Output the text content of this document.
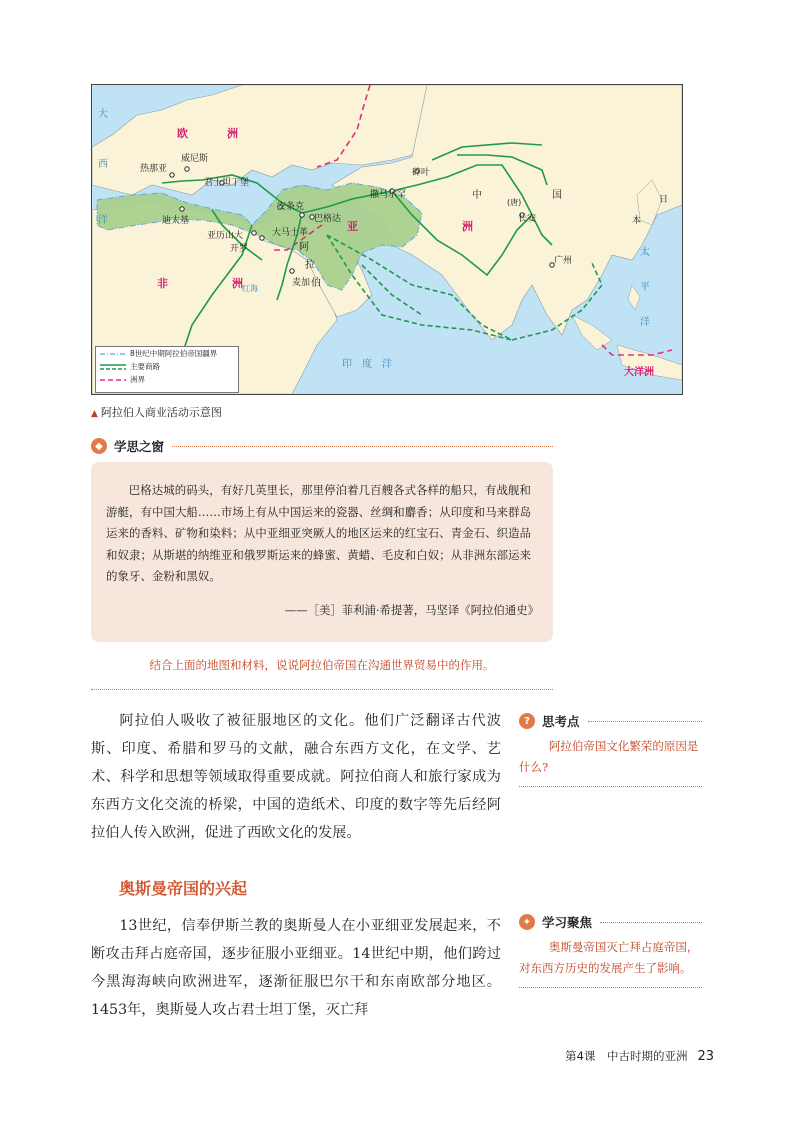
大
西
洋
印　度　洋
太
平
洋
红海
欧	洲
非	洲
亚	洲
中	国
(唐)
阿
拉
伯
日
本
大洋洲
热那亚
威尼斯
君士坦丁堡
迪太基
亚历山大
开罗
安条克
大马士革
巴格达
麦加
撒马尔罕
碎叶
长安
广州
8世纪中期阿拉伯帝国疆界
主要商路
洲界
▲ 阿拉伯人商业活动示意图
◆ 学思之窗
巴格达城的码头，有好几英里长，那里停泊着几百艘各式各样的船只，有战舰和游艇，有中国大船……市场上有从中国运来的瓷器、丝绸和麝香；从印度和马来群岛运来的香料、矿物和染料；从中亚细亚突厥人的地区运来的红宝石、青金石、织造品和奴隶；从斯堪的纳维亚和俄罗斯运来的蜂蜜、黄蜡、毛皮和白奴；从非洲东部运来的象牙、金粉和黑奴。
——［美］菲利浦·希提著，马坚译《阿拉伯通史》
结合上面的地图和材料，说说阿拉伯帝国在沟通世界贸易中的作用。
阿拉伯人吸收了被征服地区的文化。他们广泛翻译古代波斯、印度、希腊和罗马的文献，融合东西方文化，在文学、艺术、科学和思想等领域取得重要成就。阿拉伯商人和旅行家成为东西方文化交流的桥梁，中国的造纸术、印度的数字等先后经阿拉伯人传入欧洲，促进了西欧文化的发展。
奥斯曼帝国的兴起
13世纪，信奉伊斯兰教的奥斯曼人在小亚细亚发展起来，不断攻击拜占庭帝国，逐步征服小亚细亚。14世纪中期，他们跨过今黑海海峡向欧洲进军，逐渐征服巴尔干和东南欧部分地区。1453年，奥斯曼人攻占君士坦丁堡，灭亡拜
? 思考点
阿拉伯帝国文化繁荣的原因是什么?
✦ 学习聚焦
奥斯曼帝国灭亡拜占庭帝国，对东西方历史的发展产生了影响。
第4课　中古时期的亚洲 23
